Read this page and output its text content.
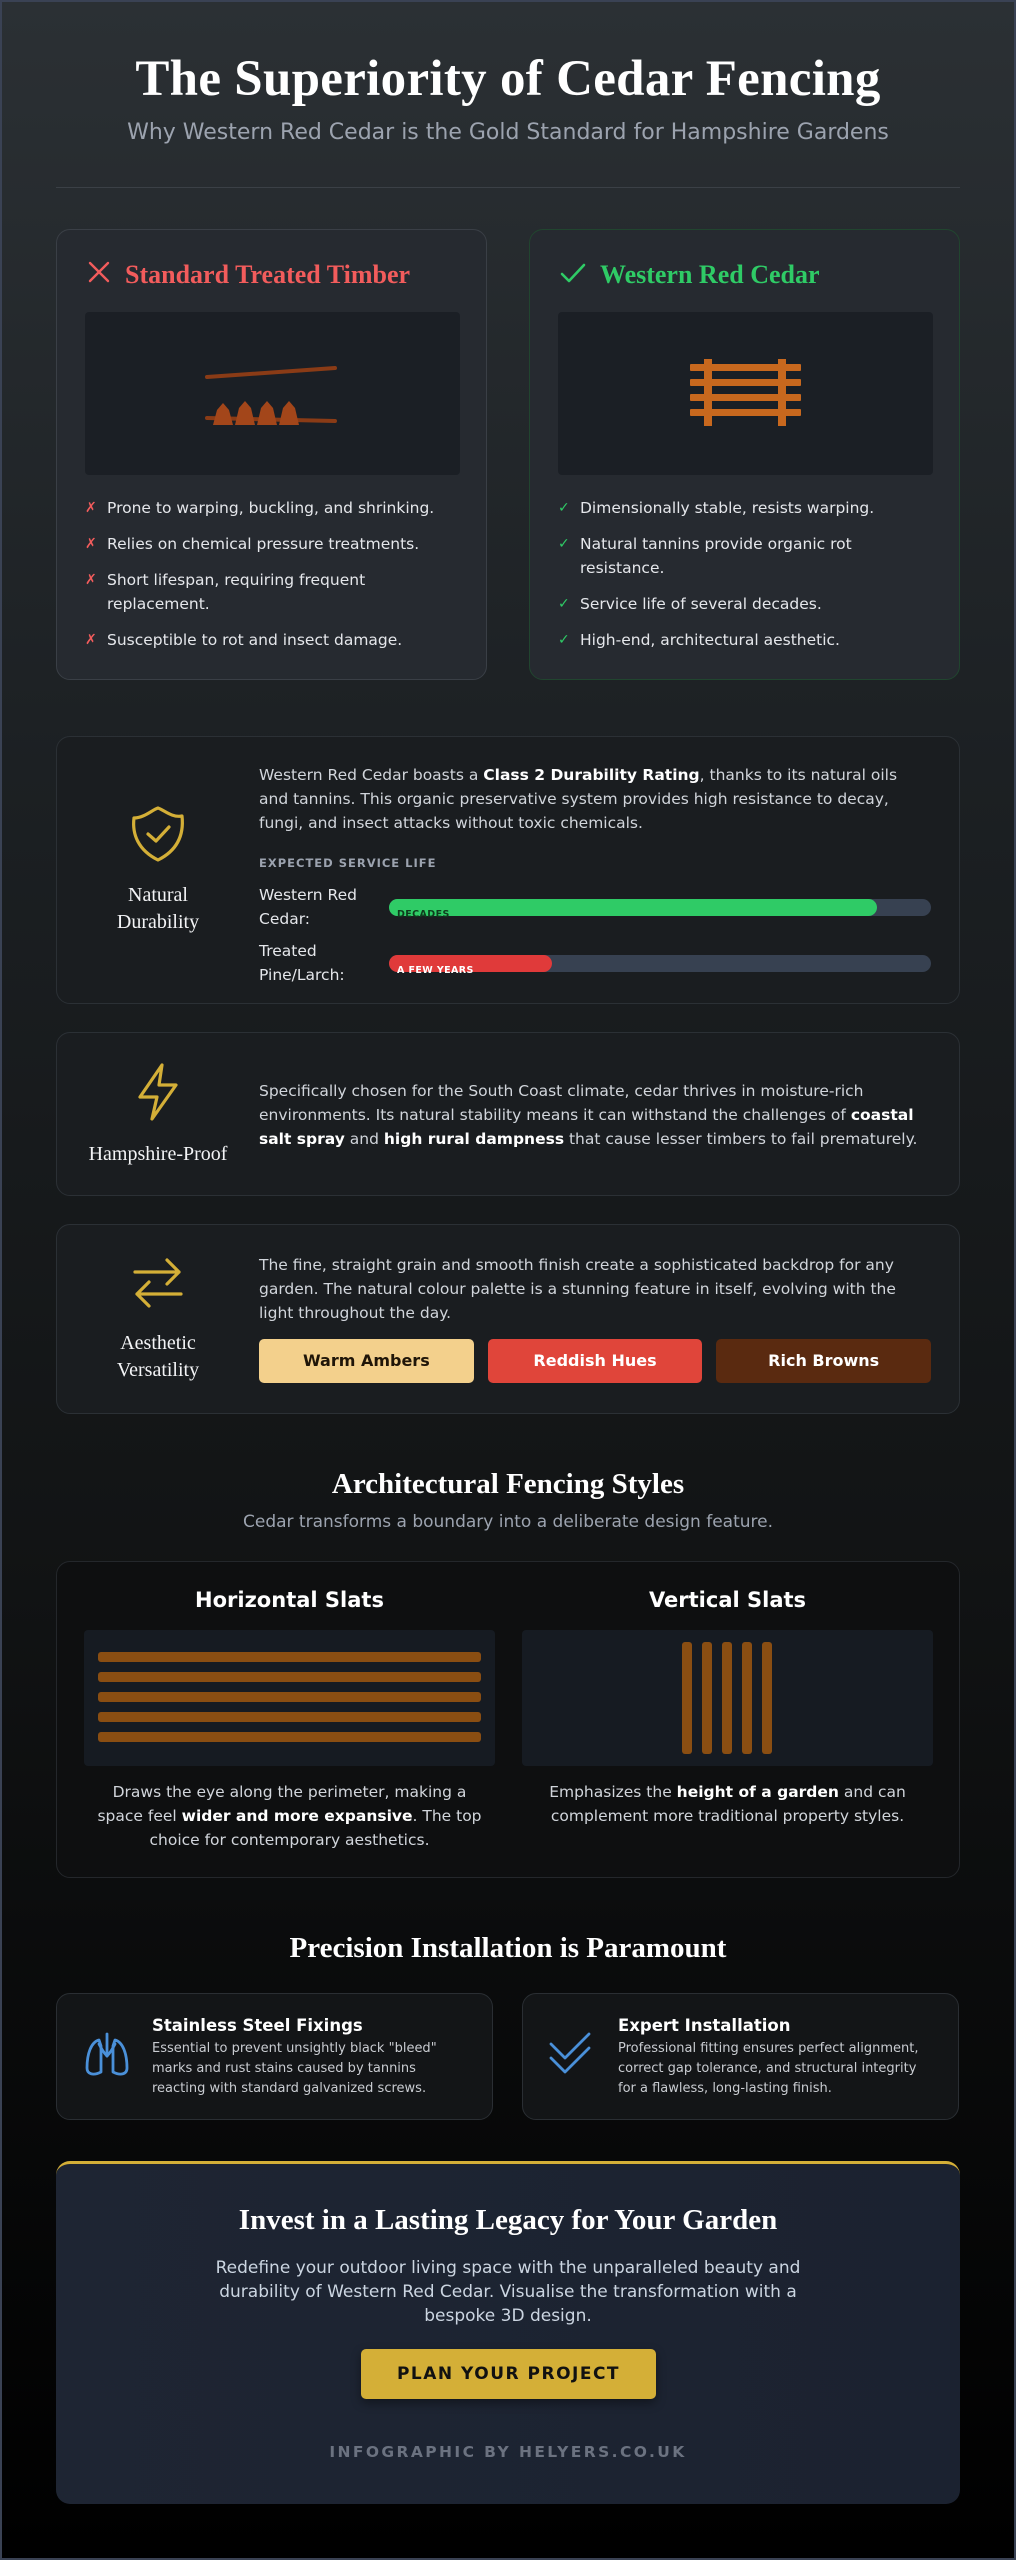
The Superiority of Cedar Fencing
Why Western Red Cedar is the Gold Standard for Hampshire Gardens
Standard Treated Timber
✗ Prone to warping, buckling, and shrinking.
✗ Relies on chemical pressure treatments.
✗ Short lifespan, requiring frequent replacement.
✗ Susceptible to rot and insect damage.
Western Red Cedar
✓ Dimensionally stable, resists warping.
✓ Natural tannins provide organic rot resistance.
✓ Service life of several decades.
✓ High-end, architectural aesthetic.
Natural Durability
Western Red Cedar boasts a Class 2 Durability Rating, thanks to its natural oils and tannins. This organic preservative system provides high resistance to decay, fungi, and insect attacks without toxic chemicals.
EXPECTED SERVICE LIFE
Western Red Cedar:	DECADES
Treated Pine/Larch:	A FEW YEARS
Hampshire-Proof
Specifically chosen for the South Coast climate, cedar thrives in moisture-rich environments. Its natural stability means it can withstand the challenges of coastal salt spray and high rural dampness that cause lesser timbers to fail prematurely.
Aesthetic Versatility
The fine, straight grain and smooth finish create a sophisticated backdrop for any garden. The natural colour palette is a stunning feature in itself, evolving with the light throughout the day.
Warm Ambers	Reddish Hues	Rich Browns
Architectural Fencing Styles
Cedar transforms a boundary into a deliberate design feature.
Horizontal Slats

Draws the eye along the perimeter, making a space feel wider and more expansive. The top choice for contemporary aesthetics.

Vertical Slats

Emphasizes the height of a garden and can complement more traditional property styles.

Precision Installation is Paramount
Stainless Steel Fixings

Essential to prevent unsightly black "bleed" marks and rust stains caused by tannins reacting with standard galvanized screws.

Expert Installation

Professional fitting ensures perfect alignment, correct gap tolerance, and structural integrity for a flawless, long-lasting finish.

Invest in a Lasting Legacy for Your Garden

Redefine your outdoor living space with the unparalleled beauty and durability of Western Red Cedar. Visualise the transformation with a bespoke 3D design.

PLAN YOUR PROJECT
INFOGRAPHIC BY HELYERS.CO.UK
